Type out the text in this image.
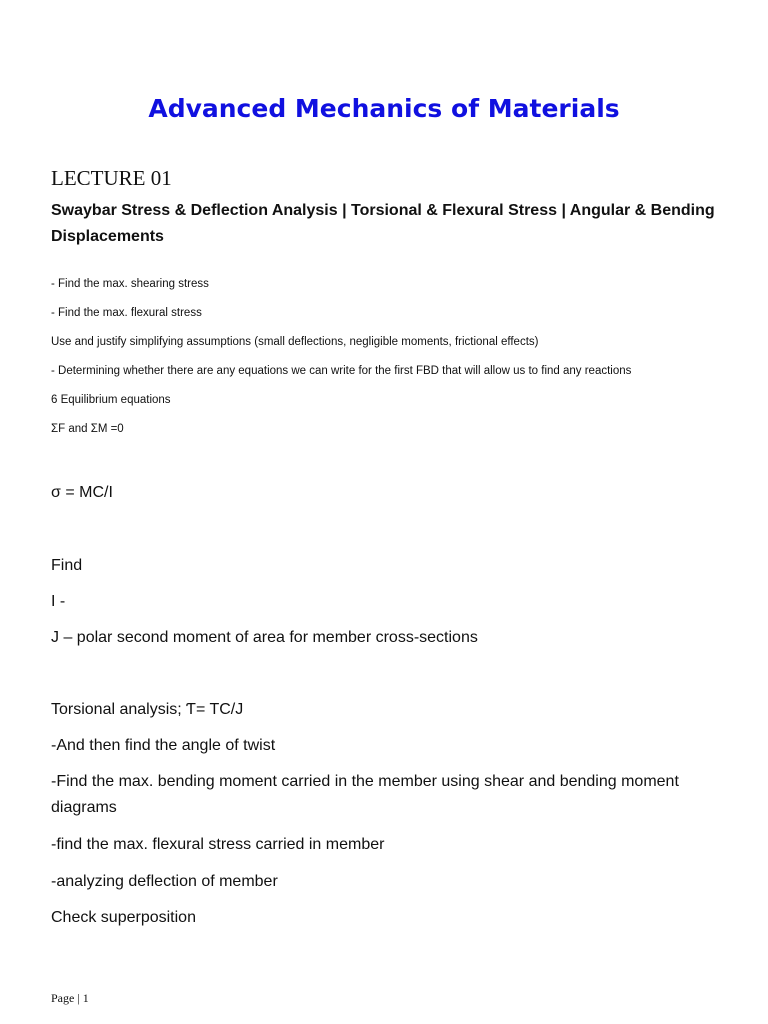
Advanced Mechanics of Materials
LECTURE 01

Swaybar Stress & Deflection Analysis | Torsional & Flexural Stress | Angular & Bending Displacements

- Find the max. shearing stress

- Find the max. flexural stress

Use and justify simplifying assumptions (small deflections, negligible moments, frictional effects)

- Determining whether there are any equations we can write for the first FBD that will allow us to find any reactions

6 Equilibrium equations

ΣF and ΣM =0

σ = MC/I

Find

I -

J – polar second moment of area for member cross-sections

Torsional analysis; Ƭ= TC/J

-And then find the angle of twist

-Find the max. bending moment carried in the member using shear and bending moment diagrams

-find the max. flexural stress carried in member

-analyzing deflection of member

Check superposition

Page | 1
